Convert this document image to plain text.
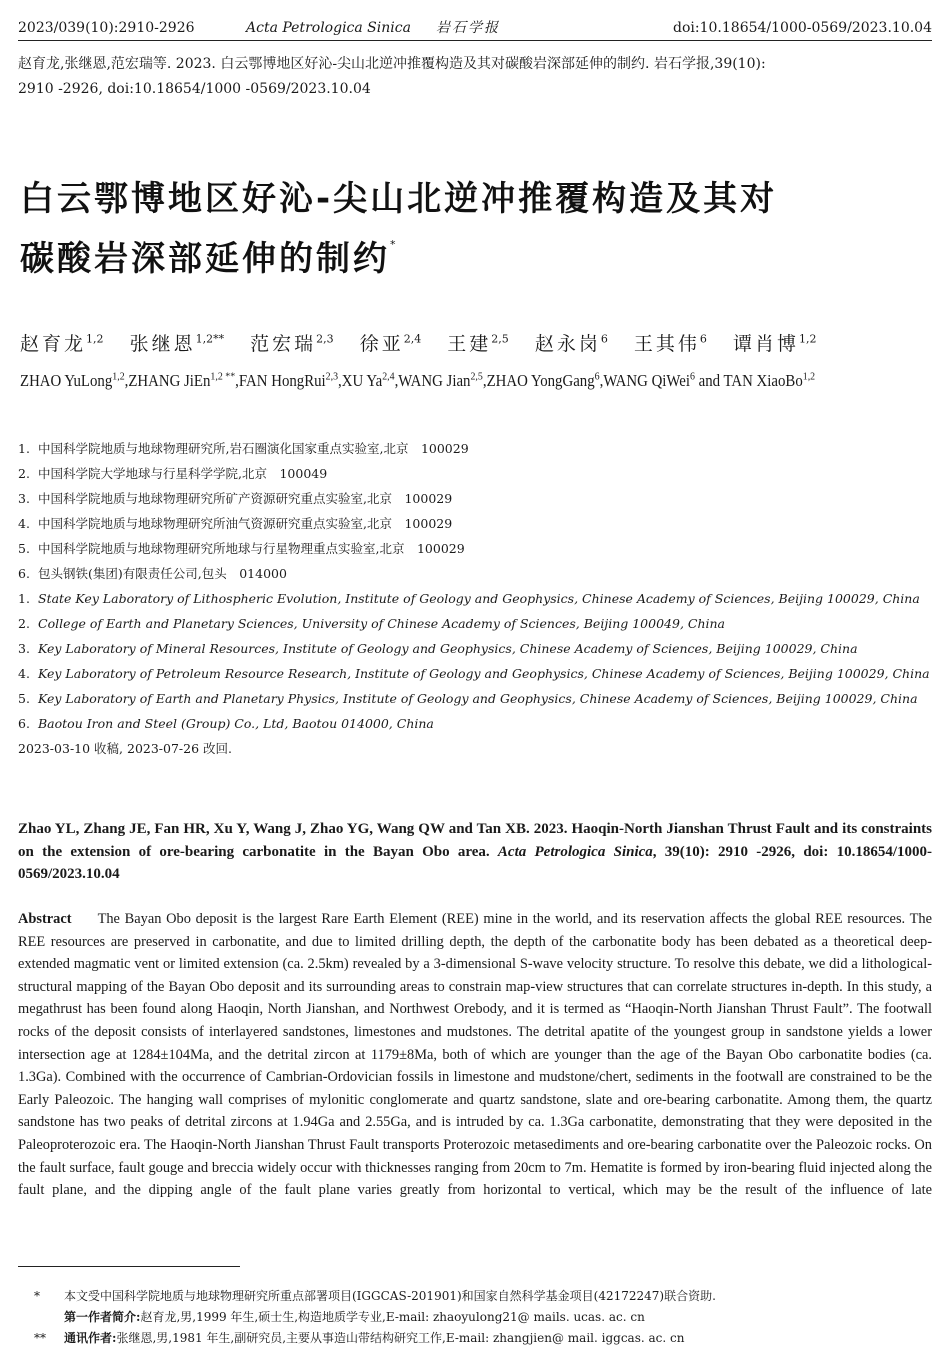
2023/039(10):2910-2926	Acta Petrologica Sinica 岩石学报	doi:10.18654/1000-0569/2023.10.04
赵育龙,张继恩,范宏瑞等. 2023. 白云鄂博地区好沁-尖山北逆冲推覆构造及其对碳酸岩深部延伸的制约. 岩石学报,39(10):
2910 -2926, doi:10.18654/1000 -0569/2023.10.04
白云鄂博地区好沁-尖山北逆冲推覆构造及其对
碳酸岩深部延伸的制约*
赵育龙$^{1,2}$ 张继恩$^{1,2**}$ 范宏瑞$^{2,3}$ 徐亚$^{2,4}$ 王建$^{2,5}$ 赵永岗$^6$ 王其伟$^6$ 谭肖博$^{1,2}$
ZHAO YuLong$^{1,2}$,ZHANG JiEn$^{1,2 **}$,FAN HongRui$^{2,3}$,XU Ya$^{2,4}$,WANG Jian$^{2,5}$,ZHAO YongGang$^6$,WANG QiWei$^6$ and TAN XiaoBo$^{1,2}$
1. 中国科学院地质与地球物理研究所,岩石圈演化国家重点实验室,北京　100029
2. 中国科学院大学地球与行星科学学院,北京　100049
3. 中国科学院地质与地球物理研究所矿产资源研究重点实验室,北京　100029
4. 中国科学院地质与地球物理研究所油气资源研究重点实验室,北京　100029
5. 中国科学院地质与地球物理研究所地球与行星物理重点实验室,北京　100029
6. 包头钢铁(集团)有限责任公司,包头　014000
1. State Key Laboratory of Lithospheric Evolution, Institute of Geology and Geophysics, Chinese Academy of Sciences, Beijing 100029, China
2. College of Earth and Planetary Sciences, University of Chinese Academy of Sciences, Beijing 100049, China
3. Key Laboratory of Mineral Resources, Institute of Geology and Geophysics, Chinese Academy of Sciences, Beijing 100029, China
4. Key Laboratory of Petroleum Resource Research, Institute of Geology and Geophysics, Chinese Academy of Sciences, Beijing 100029, China
5. Key Laboratory of Earth and Planetary Physics, Institute of Geology and Geophysics, Chinese Academy of Sciences, Beijing 100029, China
6. Baotou Iron and Steel (Group) Co., Ltd, Baotou 014000, China
2023-03-10 收稿, 2023-07-26 改回.
Zhao YL, Zhang JE, Fan HR, Xu Y, Wang J, Zhao YG, Wang QW and Tan XB. 2023. Haoqin-North Jianshan Thrust Fault and its constraints on the extension of ore-bearing carbonatite in the Bayan Obo area. Acta Petrologica Sinica, 39(10): 2910 -2926, doi: 10.18654/1000-0569/2023.10.04
Abstract The Bayan Obo deposit is the largest Rare Earth Element (REE) mine in the world, and its reservation affects the global REE resources. The REE resources are preserved in carbonatite, and due to limited drilling depth, the depth of the carbonatite body has been debated as a theoretical deep-extended magmatic vent or limited extension (ca. 2.5km) revealed by a 3-dimensional S-wave velocity structure. To resolve this debate, we did a lithological-structural mapping of the Bayan Obo deposit and its surrounding areas to constrain map-view structures that can correlate structures in-depth. In this study, a megathrust has been found along Haoqin, North Jianshan, and Northwest Orebody, and it is termed as “Haoqin-North Jianshan Thrust Fault”. The footwall rocks of the deposit consists of interlayered sandstones, limestones and mudstones. The detrital apatite of the youngest group in sandstone yields a lower intersection age at 1284±104Ma, and the detrital zircon at 1179±8Ma, both of which are younger than the age of the Bayan Obo carbonatite bodies (ca. 1.3Ga). Combined with the occurrence of Cambrian-Ordovician fossils in limestone and mudstone/chert, sediments in the footwall are constrained to be the Early Paleozoic. The hanging wall comprises of mylonitic conglomerate and quartz sandstone, slate and ore-bearing carbonatite. Among them, the quartz sandstone has two peaks of detrital zircons at 1.94Ga and 2.55Ga, and is intruded by ca. 1.3Ga carbonatite, demonstrating that they were deposited in the Paleoproterozoic era. The Haoqin-North Jianshan Thrust Fault transports Proterozoic metasediments and ore-bearing carbonatite over the Paleozoic rocks. On the fault surface, fault gouge and breccia widely occur with thicknesses ranging from 20cm to 7m. Hematite is formed by iron-bearing fluid injected along the fault plane, and the dipping angle of the fault plane varies greatly from horizontal to vertical, which may be the result of the influence of late
* 本文受中国科学院地质与地球物理研究所重点部署项目(IGGCAS-201901)和国家自然科学基金项目(42172247)联合资助.
第一作者简介:赵育龙,男,1999 年生,硕士生,构造地质学专业,E-mail: zhaoyulong21@ mails. ucas. ac. cn
** 通讯作者:张继恩,男,1981 年生,副研究员,主要从事造山带结构研究工作,E-mail: zhangjien@ mail. iggcas. ac. cn
